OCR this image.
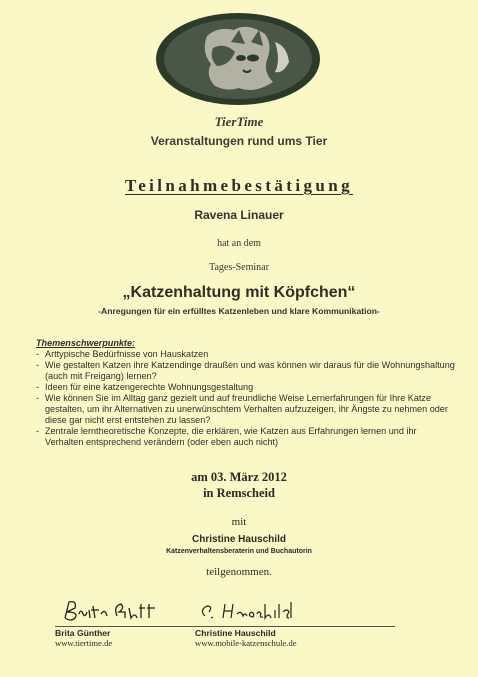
TierTime
Veranstaltungen rund ums Tier
Teilnahmebestätigung
Ravena Linauer
hat an dem
Tages-Seminar
„Katzenhaltung mit Köpfchen“
-Anregungen für ein erfülltes Katzenleben und klare Kommunikation-
Themenschwerpunkte:
- Arttypische Bedürfnisse von Hauskatzen
- Wie gestalten Katzen ihre Katzendinge draußen und was können wir daraus für die Wohnungshaltung (auch mit Freigang) lernen?
- Ideen für eine katzengerechte Wohnungsgestaltung
- Wie können Sie im Alltag ganz gezielt und auf freundliche Weise Lernerfahrungen für Ihre Katze gestalten, um ihr Alternativen zu unerwünschtem Verhalten aufzuzeigen, ihr Ängste zu nehmen oder diese gar nicht erst entstehen zu lassen?
- Zentrale lerntheoretische Konzepte, die erklären, wie Katzen aus Erfahrungen lernen und ihr Verhalten entsprechend verändern (oder eben auch nicht)
am 03. März 2012
in Remscheid
mit
Christine Hauschild
Katzenverhaltensberaterin und Buchautorin
teilgenommen.
Brita Günther
www.tiertime.de
Christine Hauschild
www.mobile-katzenschule.de
